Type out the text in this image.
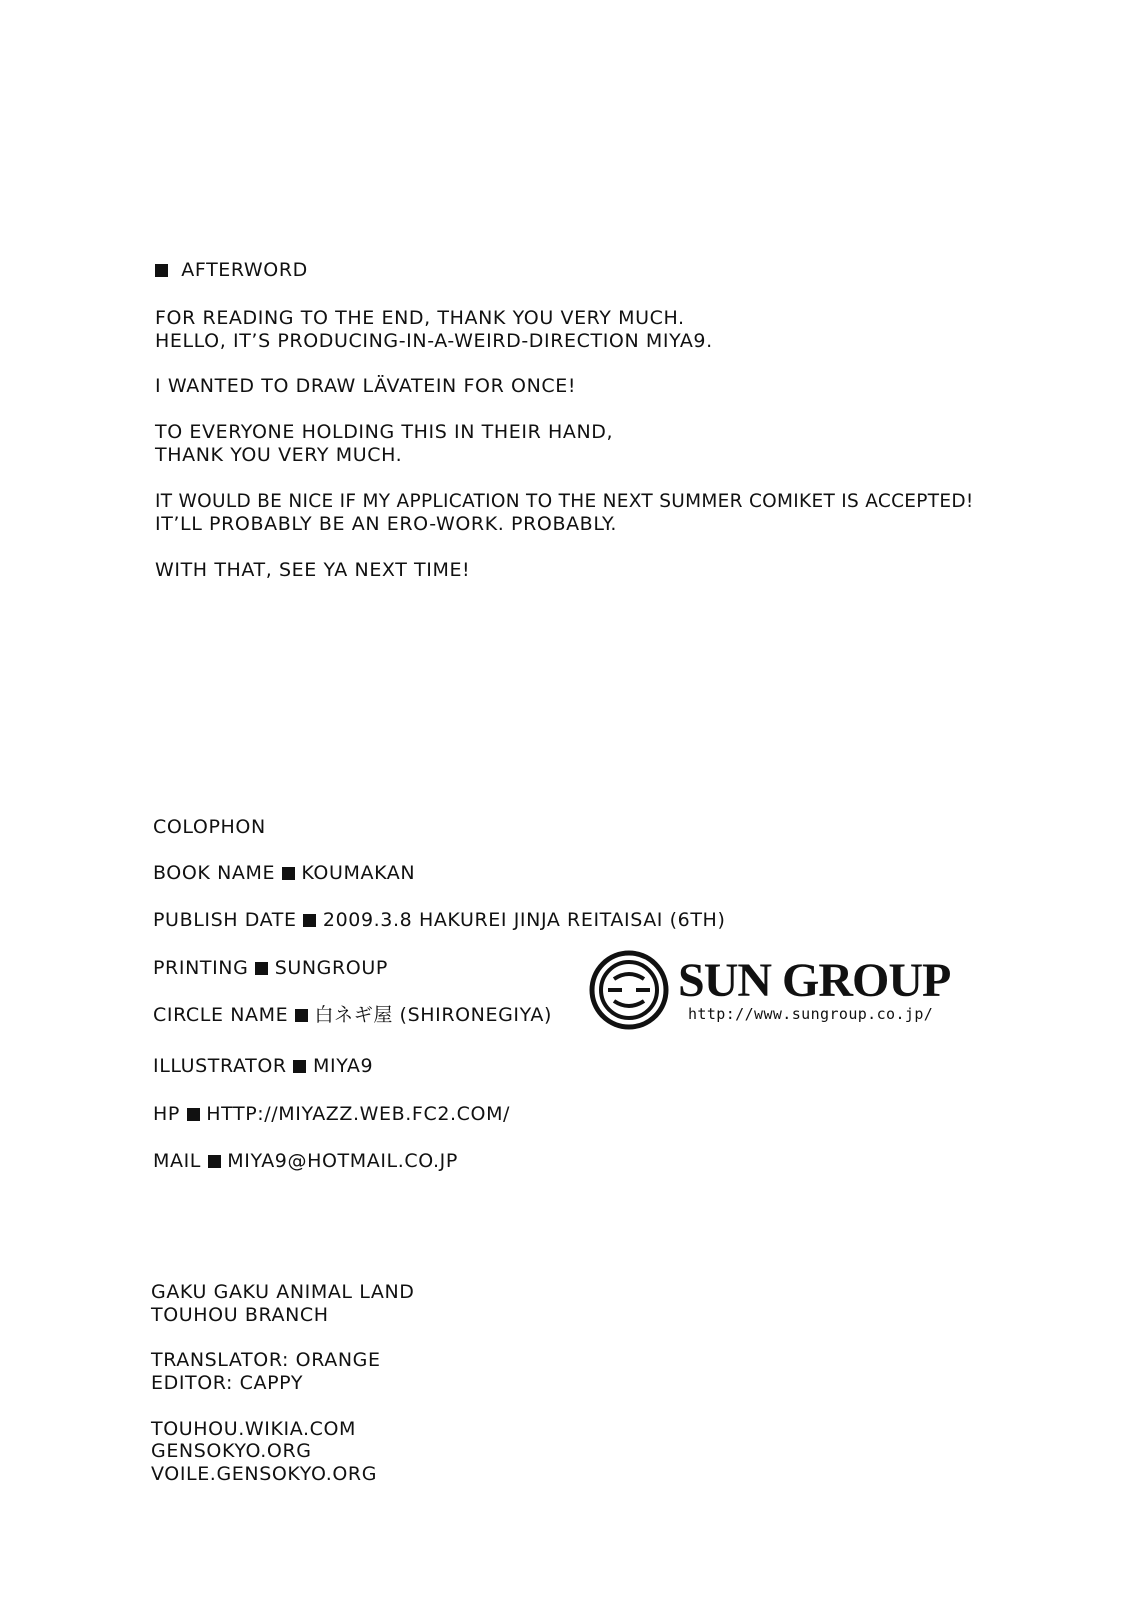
AFTERWORD
FOR READING TO THE END, THANK YOU VERY MUCH.
HELLO, IT’S PRODUCING-IN-A-WEIRD-DIRECTION MIYA9.
I WANTED TO DRAW LÄVATEIN FOR ONCE!
TO EVERYONE HOLDING THIS IN THEIR HAND,
THANK YOU VERY MUCH.
IT WOULD BE NICE IF MY APPLICATION TO THE NEXT SUMMER COMIKET IS ACCEPTED!
IT’LL PROBABLY BE AN ERO-WORK. PROBABLY.
WITH THAT, SEE YA NEXT TIME!
COLOPHON
BOOK NAME KOUMAKAN
PUBLISH DATE 2009.3.8 HAKUREI JINJA REITAISAI (6TH)
PRINTING SUNGROUP
CIRCLE NAME 白ネギ屋 (SHIRONEGIYA)
ILLUSTRATOR MIYA9
HP HTTP://MIYAZZ.WEB.FC2.COM/
MAIL MIYA9@HOTMAIL.CO.JP
SUN GROUP
http://www.sungroup.co.jp/
GAKU GAKU ANIMAL LAND
TOUHOU BRANCH
TRANSLATOR: ORANGE
EDITOR: CAPPY
TOUHOU.WIKIA.COM
GENSOKYO.ORG
VOILE.GENSOKYO.ORG
